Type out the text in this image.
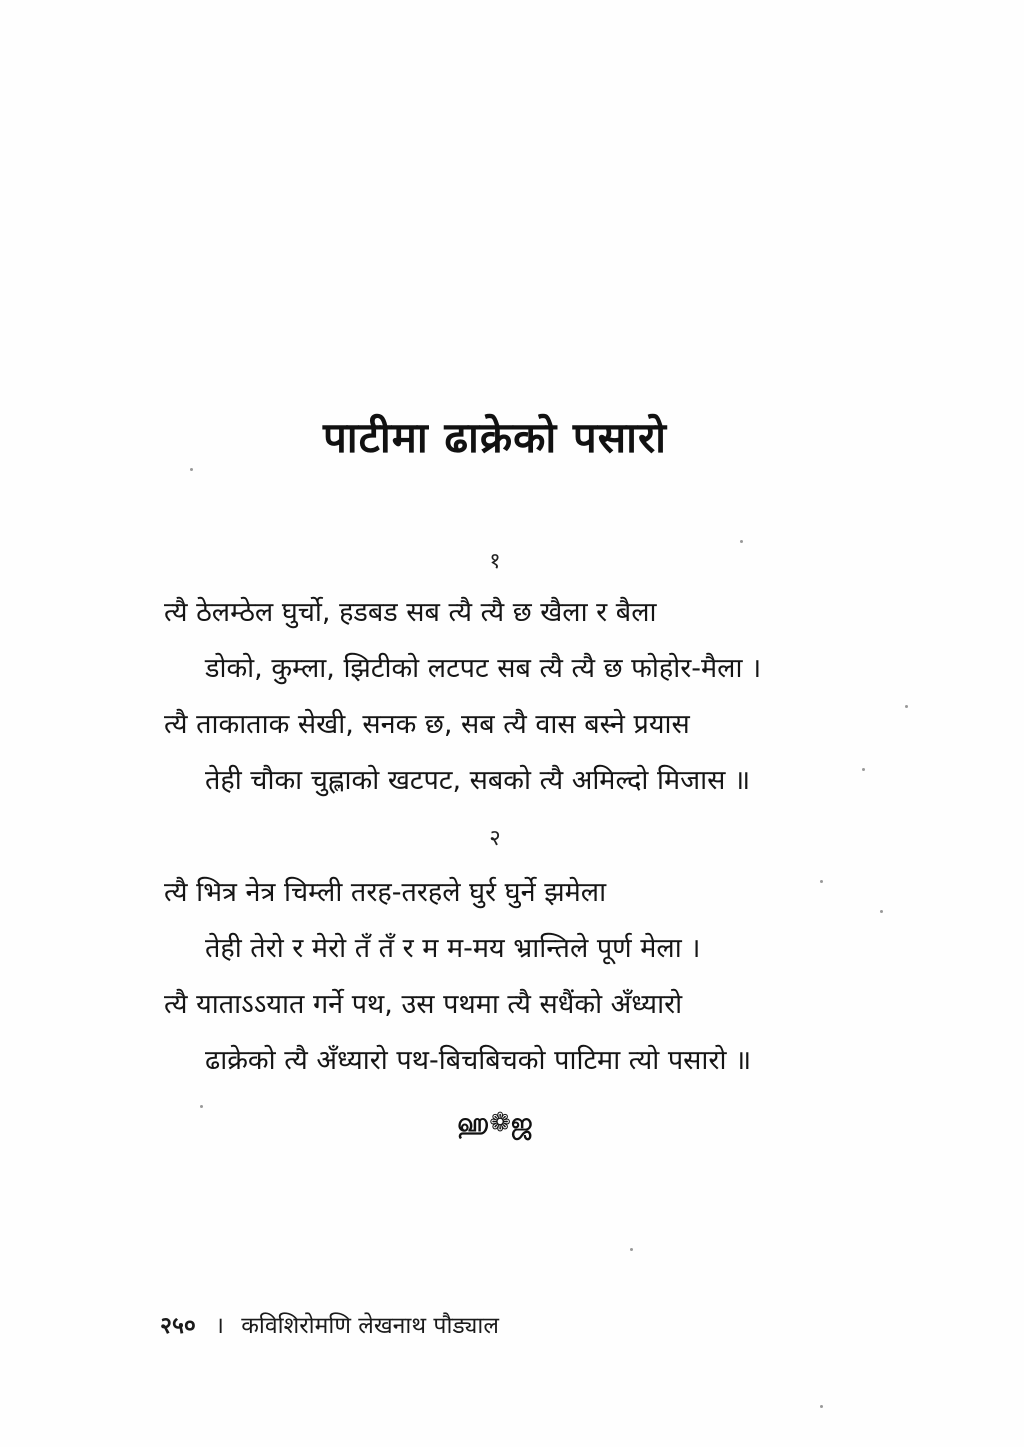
पाटीमा ढाक्रेको पसारो
१
त्यै ठेलम्ठेल घुर्चो, हडबड सब त्यै त्यै छ खैला र बैला
डोको, कुम्ला, झिटीको लटपट सब त्यै त्यै छ फोहोर-मैला ।
त्यै ताकाताक सेखी, सनक छ, सब त्यै वास बस्ने प्रयास
तेही चौका चुह्लाको खटपट, सबको त्यै अमिल्दो मिजास ॥
२
त्यै भित्र नेत्र चिम्ली तरह-तरहले घुर्र घुर्ने झमेला
तेही तेरो र मेरो तँ तँ र म म-मय भ्रान्तिले पूर्ण मेला ।
त्यै याताऽऽयात गर्ने पथ, उस पथमा त्यै सधैंको अँध्यारो
ढाक्रेको त्यै अँध्यारो पथ-बिचबिचको पाटिमा त्यो पसारो ॥
ஹ❁ஜ
२५० । कविशिरोमणि लेखनाथ पौड्याल
